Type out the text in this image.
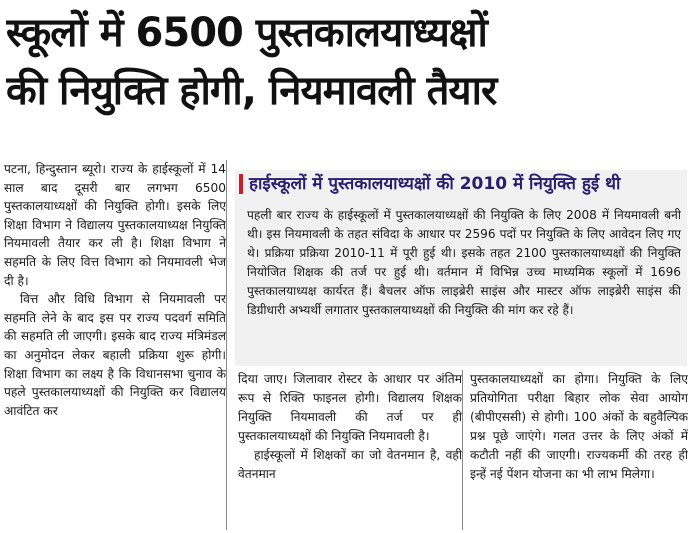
स्कूलों में 6500 पुस्तकालयाध्यक्षों
की नियुक्ति होगी, नियमावली तैयार

पटना, हिन्दुस्तान ब्यूरो। राज्य के हाईस्कूलों में 14 साल बाद दूसरी बार लगभग 6500 पुस्तकालयाध्यक्षों की नियुक्ति होगी। इसके लिए शिक्षा विभाग ने विद्यालय पुस्तकालयाध्यक्ष नियुक्ति नियमावली तैयार कर ली है। शिक्षा विभाग ने सहमति के लिए वित्त विभाग को नियमावली भेज दी है।

वित्त और विधि विभाग से नियमावली पर सहमति लेने के बाद इस पर राज्य पदवर्ग समिति की सहमति ली जाएगी। इसके बाद राज्य मंत्रिमंडल का अनुमोदन लेकर बहाली प्रक्रिया शुरू होगी। शिक्षा विभाग का लक्ष्य है कि विधानसभा चुनाव के पहले पुस्तकालयाध्यक्षों की नियुक्ति कर विद्यालय आवंटित कर

हाईस्कूलों में पुस्तकालयाध्यक्षों की 2010 में नियुक्ति हुई थी
पहली बार राज्य के हाईस्कूलों में पुस्तकालयाध्यक्षों की नियुक्ति के लिए 2008 में नियमावली बनी थी। इस नियमावली के तहत संविदा के आधार पर 2596 पदों पर नियुक्ति के लिए आवेदन लिए गए थे। प्रक्रिया प्रक्रिया 2010-11 में पूरी हुई थी। इसके तहत 2100 पुस्तकालयाध्यक्षों की नियुक्ति नियोजित शिक्षक की तर्ज पर हुई थी। वर्तमान में विभिन्न उच्च माध्यमिक स्कूलों में 1696 पुस्तकालयाध्यक्ष कार्यरत हैं। बैचलर ऑफ लाइब्रेरी साइंस और मास्टर ऑफ लाइब्रेरी साइंस की डिग्रीधारी अभ्यर्थी लगातार पुस्तकालयाध्यक्षों की नियुक्ति की मांग कर रहे हैं।

दिया जाए। जिलावार रोस्टर के आधार पर अंतिम रूप से रिक्ति फाइनल होगी। विद्यालय शिक्षक नियुक्ति नियमावली की तर्ज पर ही पुस्तकालयाध्यक्षों की नियुक्ति नियमावली है।

हाईस्कूलों में शिक्षकों का जो वेतनमान है, वही वेतनमान

पुस्तकालयाध्यक्षों का होगा। नियुक्ति के लिए प्रतियोगिता परीक्षा बिहार लोक सेवा आयोग (बीपीएससी) से होगी। 100 अंकों के बहुवैल्पिक प्रश्न पूछे जाएंगे। गलत उत्तर के लिए अंकों में कटौती नहीं की जाएगी। राज्यकर्मी की तरह ही इन्हें नई पेंशन योजना का भी लाभ मिलेगा।
